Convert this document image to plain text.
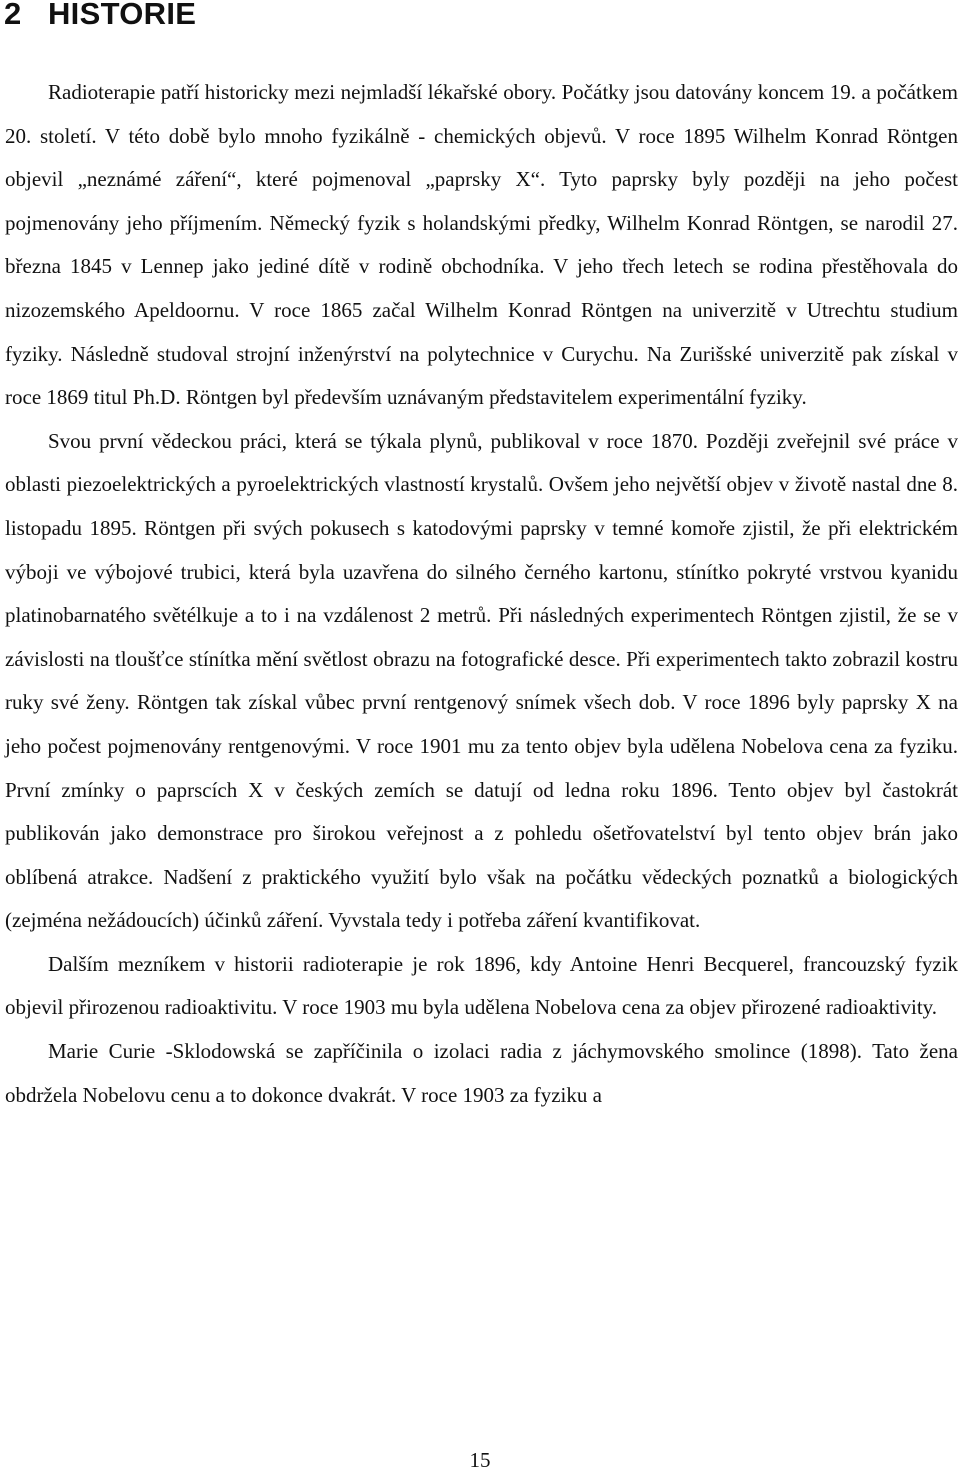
2 HISTORIE

Radioterapie patří historicky mezi nejmladší lékařské obory. Počátky jsou datovány koncem 19. a počátkem 20. století. V této době bylo mnoho fyzikálně - chemických objevů. V roce 1895 Wilhelm Konrad Röntgen objevil „neznámé záření“, které pojmenoval „paprsky X“. Tyto paprsky byly později na jeho počest pojmenovány jeho příjmením. Německý fyzik s holandskými předky, Wilhelm Konrad Röntgen, se narodil 27. března 1845 v Lennep jako jediné dítě v rodině obchodníka. V jeho třech letech se rodina přestěhovala do nizozemského Apeldoornu. V roce 1865 začal Wilhelm Konrad Röntgen na univerzitě v Utrechtu studium fyziky. Následně studoval strojní inženýrství na polytechnice v Curychu. Na Zurišské univerzitě pak získal v roce 1869 titul Ph.D. Röntgen byl především uznávaným představitelem experimentální fyziky.

Svou první vědeckou práci, která se týkala plynů, publikoval v roce 1870. Později zveřejnil své práce v oblasti piezoelektrických a pyroelektrických vlastností krystalů. Ovšem jeho největší objev v životě nastal dne 8. listopadu 1895. Röntgen při svých pokusech s katodovými paprsky v temné komoře zjistil, že při elektrickém výboji ve výbojové trubici, která byla uzavřena do silného černého kartonu, stínítko pokryté vrstvou kyanidu platinobarnatého světélkuje a to i na vzdálenost 2 metrů. Při následných experimentech Röntgen zjistil, že se v závislosti na tloušťce stínítka mění světlost obrazu na fotografické desce. Při experimentech takto zobrazil kostru ruky své ženy. Röntgen tak získal vůbec první rentgenový snímek všech dob. V roce 1896 byly paprsky X na jeho počest pojmenovány rentgenovými. V roce 1901 mu za tento objev byla udělena Nobelova cena za fyziku. První zmínky o paprscích X v českých zemích se datují od ledna roku 1896. Tento objev byl častokrát publikován jako demonstrace pro širokou veřejnost a z pohledu ošetřovatelství byl tento objev brán jako oblíbená atrakce. Nadšení z praktického využití bylo však na počátku vědeckých poznatků a biologických (zejména nežádoucích) účinků záření. Vyvstala tedy i potřeba záření kvantifikovat.

Dalším mezníkem v historii radioterapie je rok 1896, kdy Antoine Henri Becquerel, francouzský fyzik objevil přirozenou radioaktivitu. V roce 1903 mu byla udělena Nobelova cena za objev přirozené radioaktivity.

Marie Curie -Sklodowská se zapříčinila o izolaci radia z jáchymovského smolince (1898). Tato žena obdržela Nobelovu cenu a to dokonce dvakrát. V roce 1903 za fyziku a

15
